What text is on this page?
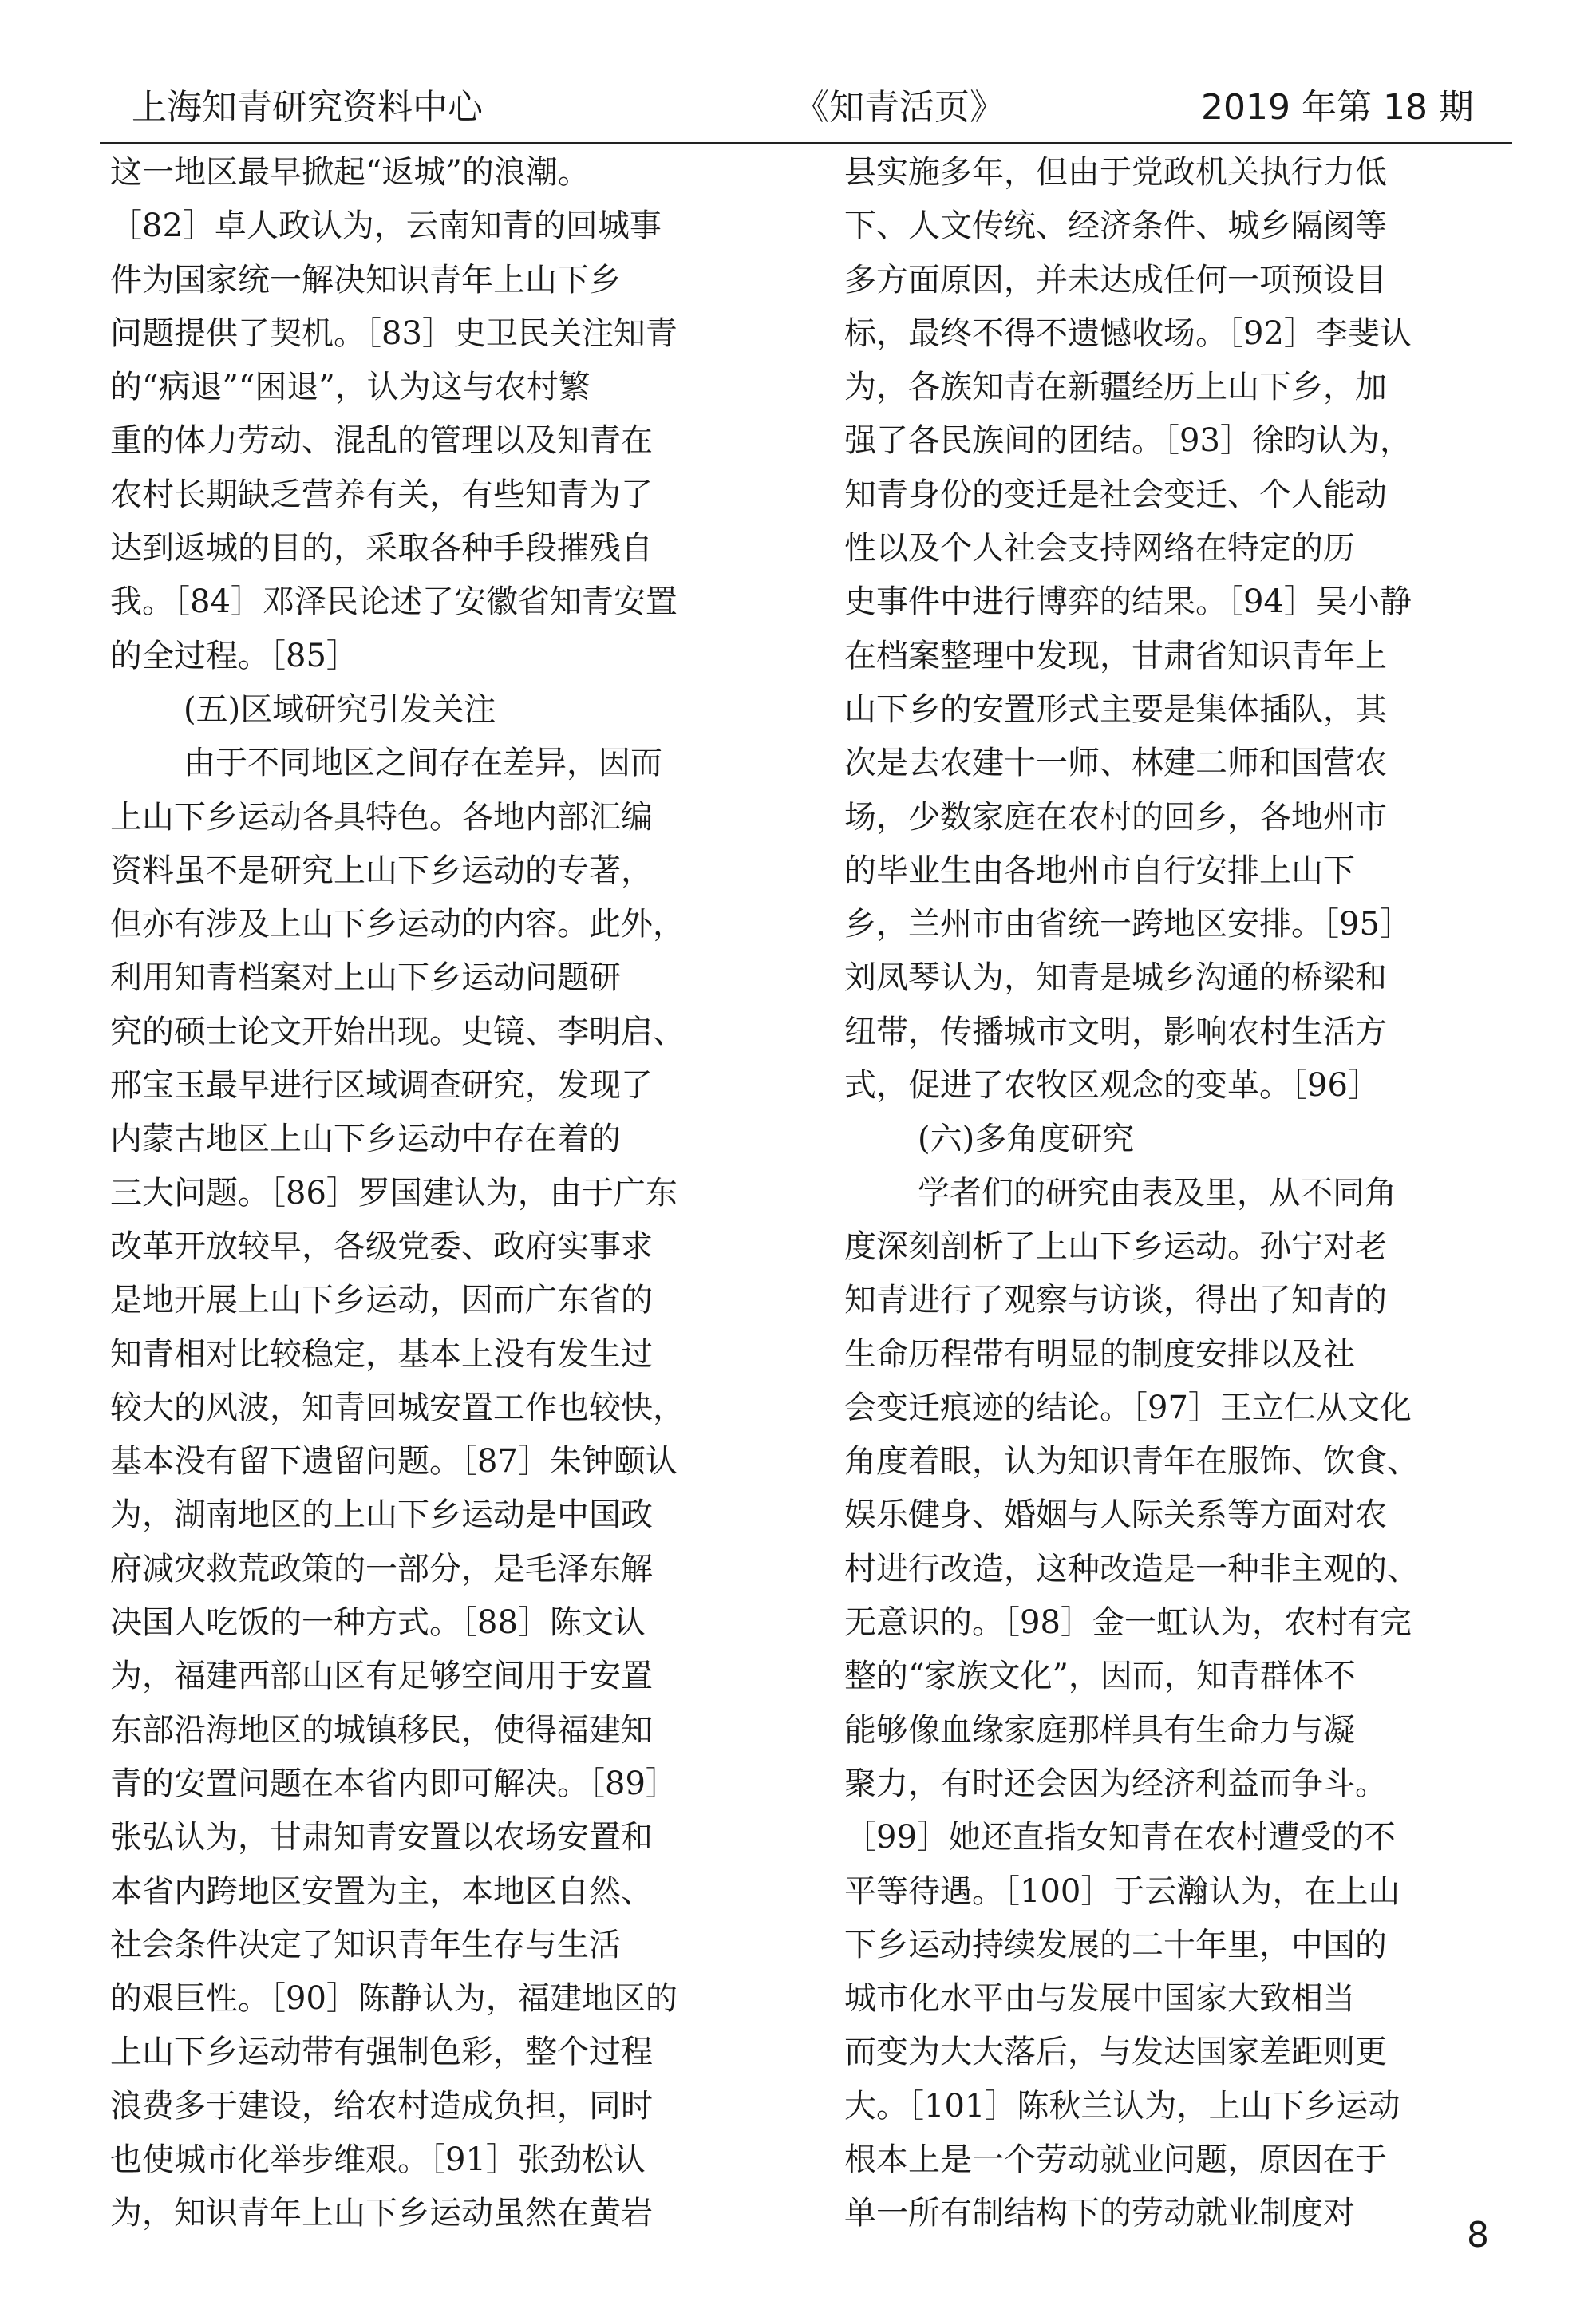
上海知青研究资料中心	《知青活页》	2019 年第 18 期
这一地区最早掀起“返城”的浪潮。
［82］卓人政认为，云南知青的回城事
件为国家统一解决知识青年上山下乡
问题提供了契机。［83］史卫民关注知青
的“病退”“困退”，认为这与农村繁
重的体力劳动、混乱的管理以及知青在
农村长期缺乏营养有关，有些知青为了
达到返城的目的，采取各种手段摧残自
我。［84］邓泽民论述了安徽省知青安置
的全过程。［85］
(五)区域研究引发关注
由于不同地区之间存在差异，因而
上山下乡运动各具特色。各地内部汇编
资料虽不是研究上山下乡运动的专著，
但亦有涉及上山下乡运动的内容。此外，
利用知青档案对上山下乡运动问题研
究的硕士论文开始出现。史镜、李明启、
邢宝玉最早进行区域调查研究，发现了
内蒙古地区上山下乡运动中存在着的
三大问题。［86］罗国建认为，由于广东
改革开放较早，各级党委、政府实事求
是地开展上山下乡运动，因而广东省的
知青相对比较稳定，基本上没有发生过
较大的风波，知青回城安置工作也较快，
基本没有留下遗留问题。［87］朱钟颐认
为，湖南地区的上山下乡运动是中国政
府减灾救荒政策的一部分，是毛泽东解
决国人吃饭的一种方式。［88］陈文认
为，福建西部山区有足够空间用于安置
东部沿海地区的城镇移民，使得福建知
青的安置问题在本省内即可解决。［89］
张弘认为，甘肃知青安置以农场安置和
本省内跨地区安置为主，本地区自然、
社会条件决定了知识青年生存与生活
的艰巨性。［90］陈静认为，福建地区的
上山下乡运动带有强制色彩，整个过程
浪费多于建设，给农村造成负担，同时
也使城市化举步维艰。［91］张劲松认
为，知识青年上山下乡运动虽然在黄岩
县实施多年，但由于党政机关执行力低
下、人文传统、经济条件、城乡隔阂等
多方面原因，并未达成任何一项预设目
标，最终不得不遗憾收场。［92］李斐认
为，各族知青在新疆经历上山下乡，加
强了各民族间的团结。［93］徐昀认为，
知青身份的变迁是社会变迁、个人能动
性以及个人社会支持网络在特定的历
史事件中进行博弈的结果。［94］吴小静
在档案整理中发现，甘肃省知识青年上
山下乡的安置形式主要是集体插队，其
次是去农建十一师、林建二师和国营农
场，少数家庭在农村的回乡，各地州市
的毕业生由各地州市自行安排上山下
乡，兰州市由省统一跨地区安排。［95］
刘凤琴认为，知青是城乡沟通的桥梁和
纽带，传播城市文明，影响农村生活方
式，促进了农牧区观念的变革。［96］
(六)多角度研究
学者们的研究由表及里，从不同角
度深刻剖析了上山下乡运动。孙宁对老
知青进行了观察与访谈，得出了知青的
生命历程带有明显的制度安排以及社
会变迁痕迹的结论。［97］王立仁从文化
角度着眼，认为知识青年在服饰、饮食、
娱乐健身、婚姻与人际关系等方面对农
村进行改造，这种改造是一种非主观的、
无意识的。［98］金一虹认为，农村有完
整的“家族文化”，因而，知青群体不
能够像血缘家庭那样具有生命力与凝
聚力，有时还会因为经济利益而争斗。
［99］她还直指女知青在农村遭受的不
平等待遇。［100］于云瀚认为，在上山
下乡运动持续发展的二十年里，中国的
城市化水平由与发展中国家大致相当
而变为大大落后，与发达国家差距则更
大。［101］陈秋兰认为，上山下乡运动
根本上是一个劳动就业问题，原因在于
单一所有制结构下的劳动就业制度对
8
